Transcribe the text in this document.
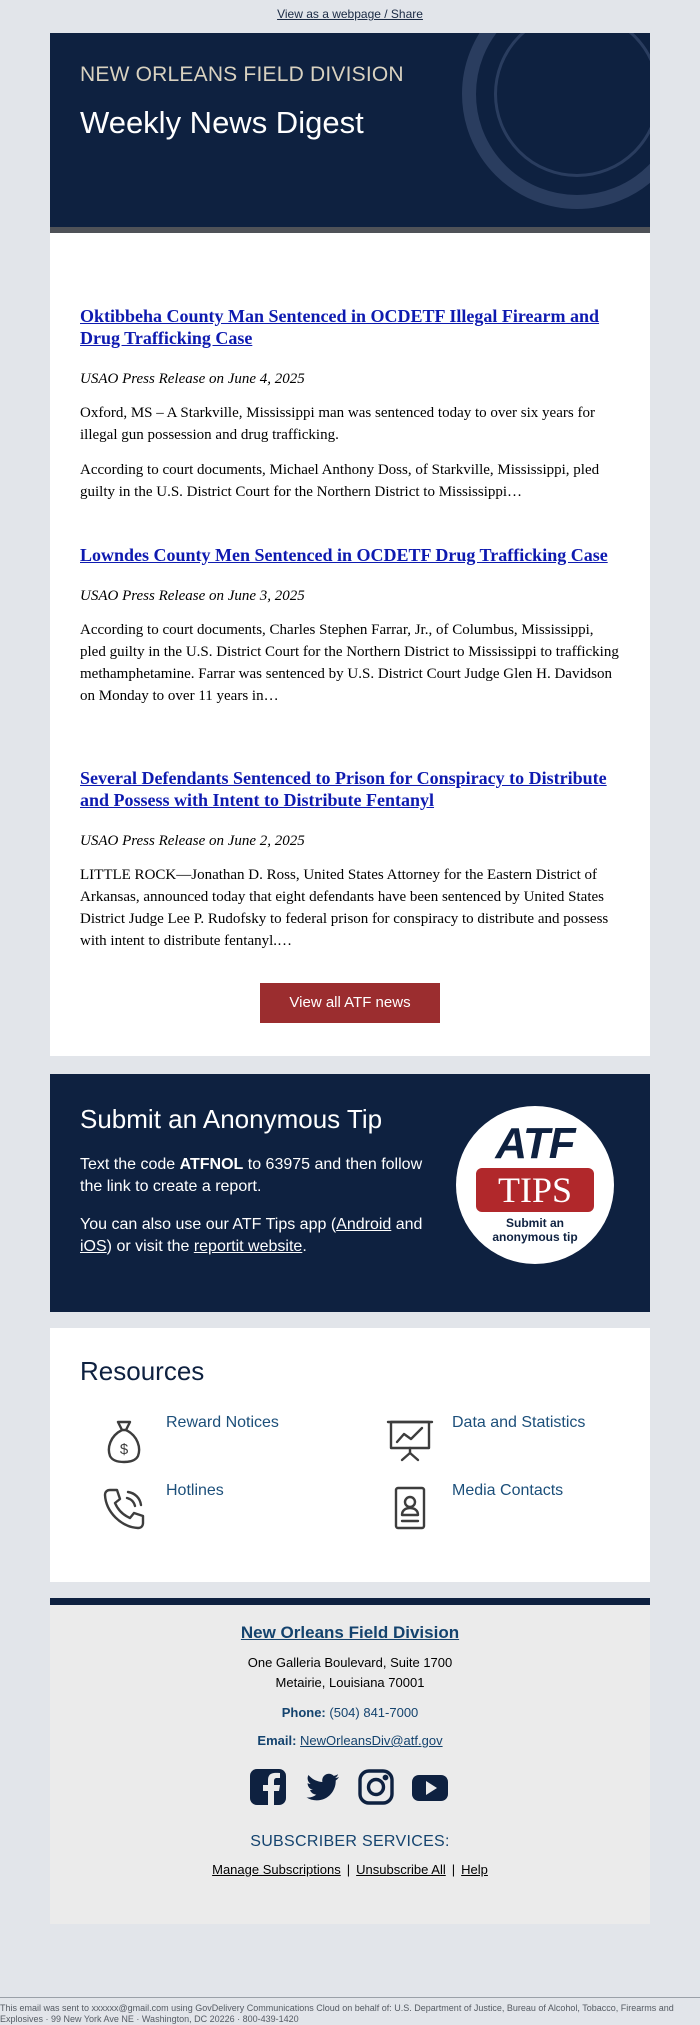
View as a webpage / Share
NEW ORLEANS FIELD DIVISION
Weekly News Digest
Oktibbeha County Man Sentenced in OCDETF Illegal Firearm and Drug Trafficking Case
USAO Press Release on June 4, 2025

Oxford, MS – A Starkville, Mississippi man was sentenced today to over six years for illegal gun possession and drug trafficking.

According to court documents, Michael Anthony Doss, of Starkville, Mississippi, pled guilty in the U.S. District Court for the Northern District to Mississippi…

Lowndes County Men Sentenced in OCDETF Drug Trafficking Case
USAO Press Release on June 3, 2025

According to court documents, Charles Stephen Farrar, Jr., of Columbus, Mississippi, pled guilty in the U.S. District Court for the Northern District to Mississippi to trafficking methamphetamine. Farrar was sentenced by U.S. District Court Judge Glen H. Davidson on Monday to over 11 years in…

Several Defendants Sentenced to Prison for Conspiracy to Distribute and Possess with Intent to Distribute Fentanyl
USAO Press Release on June 2, 2025

LITTLE ROCK—Jonathan D. Ross, United States Attorney for the Eastern District of Arkansas, announced today that eight defendants have been sentenced by United States District Judge Lee P. Rudofsky to federal prison for conspiracy to distribute and possess with intent to distribute fentanyl.…

View all ATF news
Submit an Anonymous Tip
Text the code ATFNOL to 63975 and then follow the link to create a report.
You can also use our ATF Tips app (Android and iOS) or visit the reportit website.
ATF
TIPS
Submit an
anonymous tip
Resources
$
Reward Notices	Data and Statistics
Hotlines	Media Contacts
New Orleans Field Division
One Galleria Boulevard, Suite 1700
Metairie, Louisiana 70001
Phone: (504) 841-7000
Email: NewOrleansDiv@atf.gov
SUBSCRIBER SERVICES:
Manage Subscriptions | Unsubscribe All | Help
This email was sent to xxxxxx@gmail.com using GovDelivery Communications Cloud on behalf of: U.S. Department of Justice, Bureau of Alcohol, Tobacco, Firearms and Explosives · 99 New York Ave NE · Washington, DC 20226 · 800-439-1420
